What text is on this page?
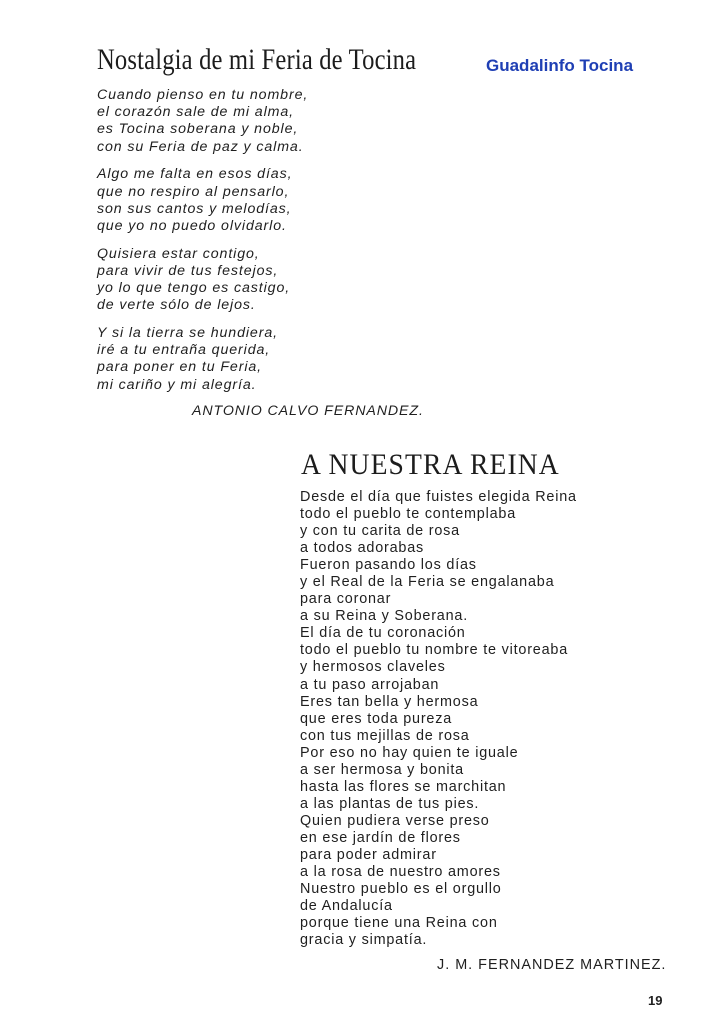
Nostalgia de mi Feria de Tocina	Guadalinfo Tocina
Cuando pienso en tu nombre,
el corazón sale de mi alma,
es Tocina soberana y noble,
con su Feria de paz y calma.
Algo me falta en esos días,
que no respiro al pensarlo,
son sus cantos y melodías,
que yo no puedo olvidarlo.
Quisiera estar contigo,
para vivir de tus festejos,
yo lo que tengo es castigo,
de verte sólo de lejos.
Y si la tierra se hundiera,
iré a tu entraña querida,
para poner en tu Feria,
mi cariño y mi alegría.
ANTONIO CALVO FERNANDEZ.
A NUESTRA REINA
Desde el día que fuistes elegida Reina
todo el pueblo te contemplaba
y con tu carita de rosa
a todos adorabas
Fueron pasando los días
y el Real de la Feria se engalanaba
para coronar
a su Reina y Soberana.
El día de tu coronación
todo el pueblo tu nombre te vitoreaba
y hermosos claveles
a tu paso arrojaban
Eres tan bella y hermosa
que eres toda pureza
con tus mejillas de rosa
Por eso no hay quien te iguale
a ser hermosa y bonita
hasta las flores se marchitan
a las plantas de tus pies.
Quien pudiera verse preso
en ese jardín de flores
para poder admirar
a la rosa de nuestro amores
Nuestro pueblo es el orgullo
de Andalucía
porque tiene una Reina con
gracia y simpatía.
J. M. FERNANDEZ MARTINEZ.
19
